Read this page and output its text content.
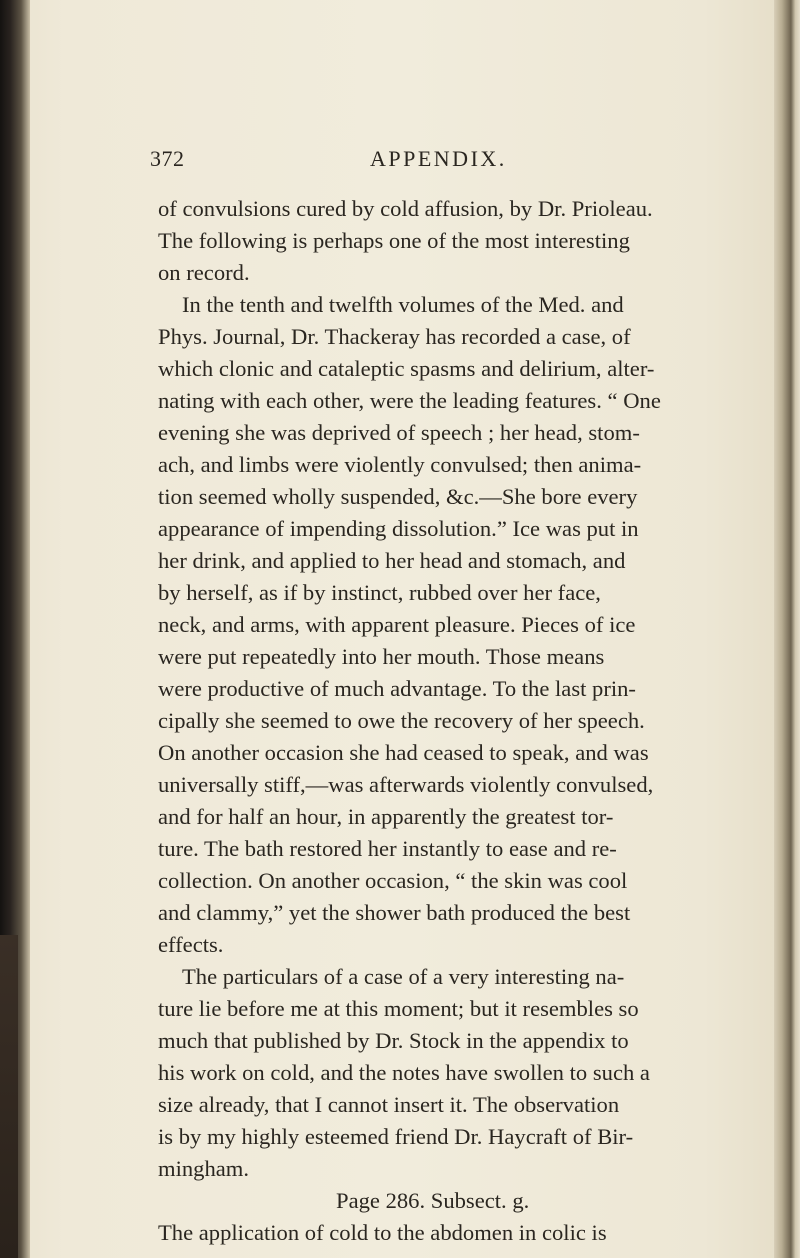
372	APPENDIX.
of convulsions cured by cold affusion, by Dr. Prioleau.
The following is perhaps one of the most interesting
on record.
In the tenth and twelfth volumes of the Med. and
Phys. Journal, Dr. Thackeray has recorded a case, of
which clonic and cataleptic spasms and delirium, alter-
nating with each other, were the leading features. “ One
evening she was deprived of speech ; her head, stom-
ach, and limbs were violently convulsed; then anima-
tion seemed wholly suspended, &c.—She bore every
appearance of impending dissolution.” Ice was put in
her drink, and applied to her head and stomach, and
by herself, as if by instinct, rubbed over her face,
neck, and arms, with apparent pleasure. Pieces of ice
were put repeatedly into her mouth. Those means
were productive of much advantage. To the last prin-
cipally she seemed to owe the recovery of her speech.
On another occasion she had ceased to speak, and was
universally stiff,—was afterwards violently convulsed,
and for half an hour, in apparently the greatest tor-
ture. The bath restored her instantly to ease and re-
collection. On another occasion, “ the skin was cool
and clammy,” yet the shower bath produced the best
effects.
The particulars of a case of a very interesting na-
ture lie before me at this moment; but it resembles so
much that published by Dr. Stock in the appendix to
his work on cold, and the notes have swollen to such a
size already, that I cannot insert it. The observation
is by my highly esteemed friend Dr. Haycraft of Bir-
mingham.
Page 286. Subsect. g.
The application of cold to the abdomen in colic is
